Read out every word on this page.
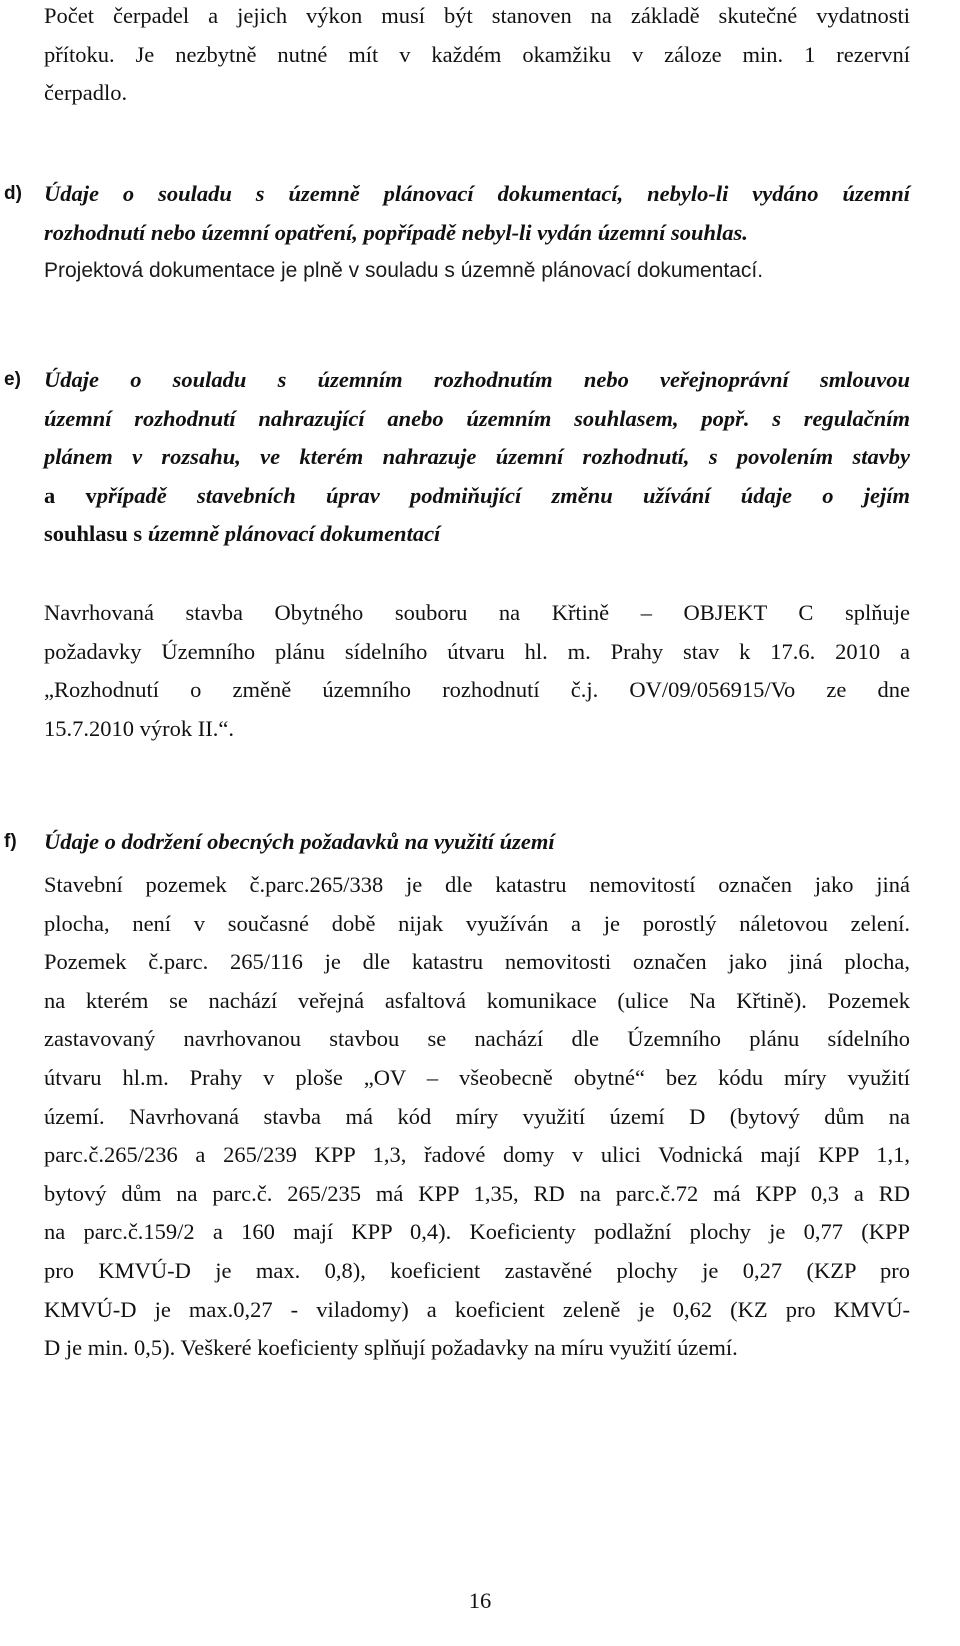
Počet čerpadel a jejich výkon musí být stanoven na základě skutečné vydatnosti
přítoku. Je nezbytně nutné mít v každém okamžiku v záloze min. 1 rezervní
čerpadlo.
d) Údaje o souladu s územně plánovací dokumentací, nebylo-li vydáno územní
rozhodnutí nebo územní opatření, popřípadě nebyl-li vydán územní souhlas.
Projektová dokumentace je plně v souladu s územně plánovací dokumentací.
e)	Údaje o souladu s územním rozhodnutím nebo veřejnoprávní smlouvou
územní rozhodnutí nahrazující anebo územním souhlasem, popř. s regulačním
plánem v rozsahu, ve kterém nahrazuje územní rozhodnutí, s povolením stavby
a vpřípadě stavebních úprav podmiňující změnu užívání údaje o jejím
souhlasu s územně plánovací dokumentací
Navrhovaná stavba Obytného souboru na Křtině – OBJEKT C splňuje
požadavky Územního plánu sídelního útvaru hl. m. Prahy stav k 17.6. 2010 a
„Rozhodnutí o změně územního rozhodnutí č.j. OV/09/056915/Vo ze dne
15.7.2010 výrok II.“.
f)	Údaje o dodržení obecných požadavků na využití území
Stavební pozemek č.parc.265/338 je dle katastru nemovitostí označen jako jiná
plocha, není v současné době nijak využíván a je porostlý náletovou zelení.
Pozemek č.parc. 265/116 je dle katastru nemovitosti označen jako jiná plocha,
na kterém se nachází veřejná asfaltová komunikace (ulice Na Křtině). Pozemek
zastavovaný navrhovanou stavbou se nachází dle Územního plánu sídelního
útvaru hl.m. Prahy v ploše „OV – všeobecně obytné“ bez kódu míry využití
území. Navrhovaná stavba má kód míry využití území D (bytový dům na
parc.č.265/236 a 265/239 KPP 1,3, řadové domy v ulici Vodnická mají KPP 1,1,
bytový dům na parc.č. 265/235 má KPP 1,35, RD na parc.č.72 má KPP 0,3 a RD
na parc.č.159/2 a 160 mají KPP 0,4). Koeficienty podlažní plochy je 0,77 (KPP
pro KMVÚ-D je max. 0,8), koeficient zastavěné plochy je 0,27 (KZP pro
KMVÚ-D je max.0,27 - viladomy) a koeficient zeleně je 0,62 (KZ pro KMVÚ-
D je min. 0,5). Veškeré koeficienty splňují požadavky na míru využití území.
16
